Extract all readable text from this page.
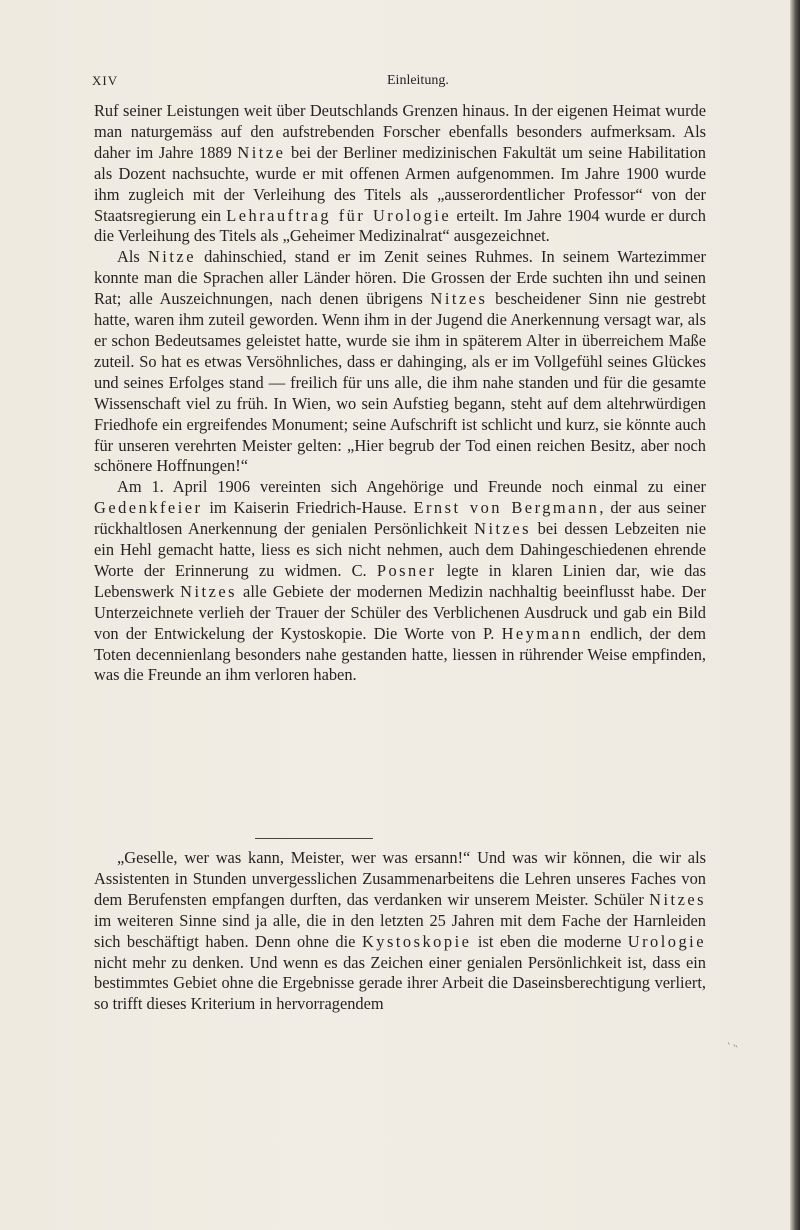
XIV	Einleitung.

Ruf seiner Leistungen weit über Deutschlands Grenzen hinaus. In der eigenen Heimat wurde man naturgemäss auf den aufstrebenden Forscher ebenfalls besonders aufmerksam. Als daher im Jahre 1889 Nitze bei der Berliner medizinischen Fakultät um seine Habilitation als Dozent nachsuchte, wurde er mit offenen Armen aufgenommen. Im Jahre 1900 wurde ihm zugleich mit der Verleihung des Titels als „ausserordentlicher Professor“ von der Staatsregierung ein Lehrauftrag für Urologie erteilt. Im Jahre 1904 wurde er durch die Verleihung des Titels als „Geheimer Medizinalrat“ ausgezeichnet.

Als Nitze dahinschied, stand er im Zenit seines Ruhmes. In seinem Wartezimmer konnte man die Sprachen aller Länder hören. Die Grossen der Erde suchten ihn und seinen Rat; alle Auszeichnungen, nach denen übrigens Nitzes bescheidener Sinn nie gestrebt hatte, waren ihm zuteil geworden. Wenn ihm in der Jugend die Anerkennung versagt war, als er schon Bedeutsames geleistet hatte, wurde sie ihm in späterem Alter in überreichem Maße zuteil. So hat es etwas Versöhnliches, dass er dahinging, als er im Vollgefühl seines Glückes und seines Erfolges stand — freilich für uns alle, die ihm nahe standen und für die gesamte Wissenschaft viel zu früh. In Wien, wo sein Aufstieg begann, steht auf dem altehrwürdigen Friedhofe ein ergreifendes Monument; seine Aufschrift ist schlicht und kurz, sie könnte auch für unseren verehrten Meister gelten: „Hier begrub der Tod einen reichen Besitz, aber noch schönere Hoffnungen!“

Am 1. April 1906 vereinten sich Angehörige und Freunde noch einmal zu einer Gedenkfeier im Kaiserin Friedrich-Hause. Ernst von Bergmann, der aus seiner rückhaltlosen Anerkennung der genialen Persönlichkeit Nitzes bei dessen Lebzeiten nie ein Hehl gemacht hatte, liess es sich nicht nehmen, auch dem Dahingeschiedenen ehrende Worte der Erinnerung zu widmen. C. Posner legte in klaren Linien dar, wie das Lebenswerk Nitzes alle Gebiete der modernen Medizin nachhaltig beeinflusst habe. Der Unterzeichnete verlieh der Trauer der Schüler des Verblichenen Ausdruck und gab ein Bild von der Entwickelung der Kystoskopie. Die Worte von P. Heymann endlich, der dem Toten decennienlang besonders nahe gestanden hatte, liessen in rührender Weise empfinden, was die Freunde an ihm verloren haben.

„Geselle, wer was kann, Meister, wer was ersann!“ Und was wir können, die wir als Assistenten in Stunden unvergesslichen Zusammenarbeitens die Lehren unseres Faches von dem Berufensten empfangen durften, das verdanken wir unserem Meister. Schüler Nitzes im weiteren Sinne sind ja alle, die in den letzten 25 Jahren mit dem Fache der Harnleiden sich beschäftigt haben. Denn ohne die Kystoskopie ist eben die moderne Urologie nicht mehr zu denken. Und wenn es das Zeichen einer genialen Persönlichkeit ist, dass ein bestimmtes Gebiet ohne die Ergebnisse gerade ihrer Arbeit die Daseinsberechtigung verliert, so trifft dieses Kriterium in hervorragendem

˴ ˵
